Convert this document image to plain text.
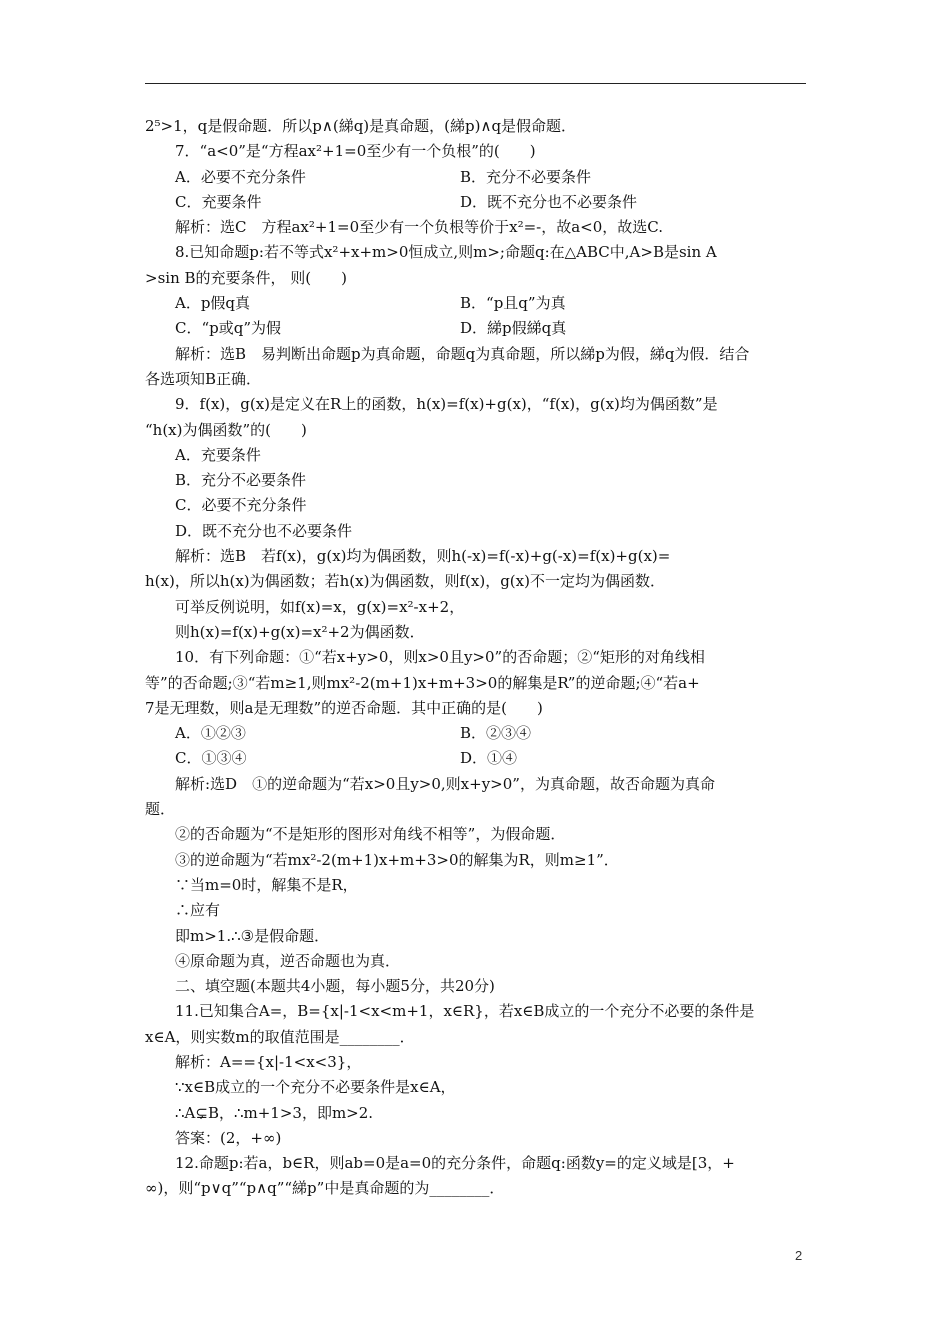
2⁵>1，q是假命题．所以p∧(綈q)是真命题，(綈p)∧q是假命题．
7．“a<0”是“方程ax²+1=0至少有一个负根”的(　　)
A．必要不充分条件	B．充分不必要条件
C．充要条件	D．既不充分也不必要条件
解析：选C　方程ax²+1=0至少有一个负根等价于x²=-，故a<0，故选C.
8.已知命题p:若不等式x²+x+m>0恒成立,则m>;命题q:在△ABC中,A>B是sin A
>sin B的充要条件， 则(　　)
A．p假q真	B．“p且q”为真
C．“p或q”为假	D．綈p假綈q真
解析：选B　易判断出命题p为真命题，命题q为真命题，所以綈p为假，綈q为假．结合
各选项知B正确．
9．f(x)，g(x)是定义在R上的函数，h(x)=f(x)+g(x)，“f(x)，g(x)均为偶函数”是
“h(x)为偶函数”的(　　)
A．充要条件
B．充分不必要条件
C．必要不充分条件
D．既不充分也不必要条件
解析：选B　若f(x)，g(x)均为偶函数，则h(-x)=f(-x)+g(-x)=f(x)+g(x)=
h(x)，所以h(x)为偶函数；若h(x)为偶函数，则f(x)，g(x)不一定均为偶函数．
可举反例说明，如f(x)=x，g(x)=x²-x+2，
则h(x)=f(x)+g(x)=x²+2为偶函数．
10．有下列命题：①“若x+y>0，则x>0且y>0”的否命题；②“矩形的对角线相
等”的否命题;③“若m≥1,则mx²-2(m+1)x+m+3>0的解集是R”的逆命题;④“若a+
7是无理数，则a是无理数”的逆否命题．其中正确的是(　　)
A．①②③	B．②③④
C．①③④	D．①④
解析:选D　①的逆命题为“若x>0且y>0,则x+y>0”，为真命题，故否命题为真命
题．
②的否命题为“不是矩形的图形对角线不相等”，为假命题．
③的逆命题为“若mx²-2(m+1)x+m+3>0的解集为R，则m≥1”．
∵当m=0时，解集不是R，
∴应有
即m>1.∴③是假命题．
④原命题为真，逆否命题也为真．
二、填空题(本题共4小题，每小题5分，共20分)
11.已知集合A=，B={x|-1<x<m+1，x∈R}，若x∈B成立的一个充分不必要的条件是
x∈A，则实数m的取值范围是________．
解析：A=={x|-1<x<3}，
∵x∈B成立的一个充分不必要条件是x∈A，
∴A⊊B，∴m+1>3，即m>2.
答案：(2，+∞)
12.命题p:若a，b∈R，则ab=0是a=0的充分条件，命题q:函数y=的定义域是[3，+
∞)，则“p∨q”“p∧q”“綈p”中是真命题的为________．
2
